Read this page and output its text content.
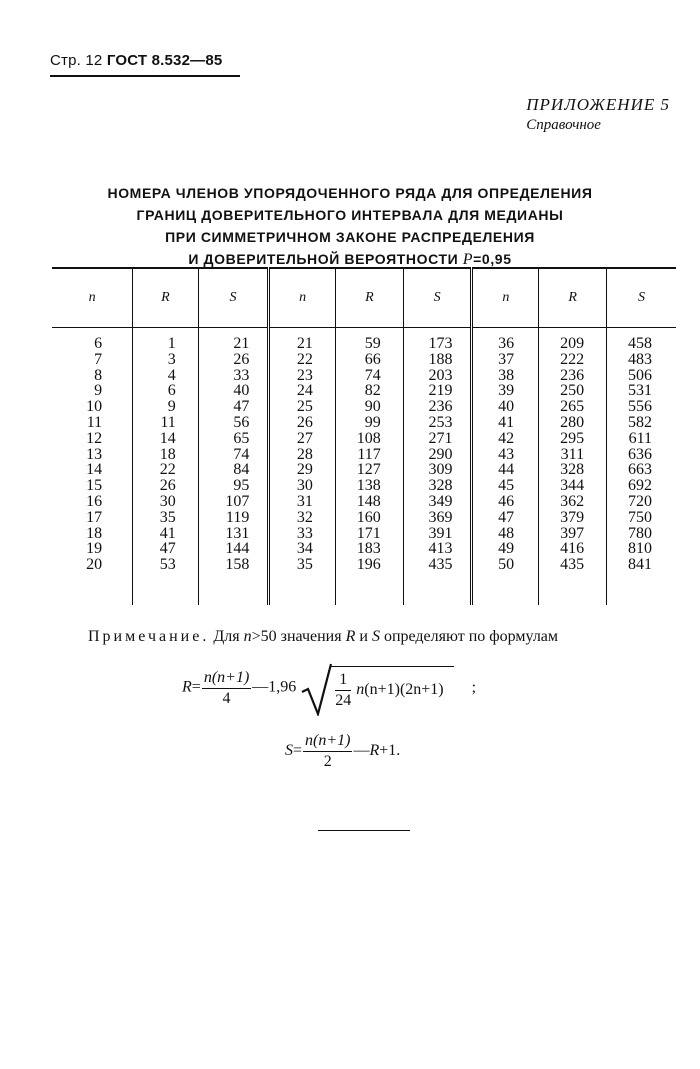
Стр. 12 ГОСТ 8.532—85
ПРИЛОЖЕНИЕ 5
Справочное
НОМЕРА ЧЛЕНОВ УПОРЯДОЧЕННОГО РЯДА ДЛЯ ОПРЕДЕЛЕНИЯ
ГРАНИЦ ДОВЕРИТЕЛЬНОГО ИНТЕРВАЛА ДЛЯ МЕДИАНЫ
ПРИ СИММЕТРИЧНОМ ЗАКОНЕ РАСПРЕДЕЛЕНИЯ
И ДОВЕРИТЕЛЬНОЙ ВЕРОЯТНОСТИ P=0,95
n	R	S	n	R	S	n	R	S

6	1	21	21	59	173	36	209	458
7	3	26	22	66	188	37	222	483
8	4	33	23	74	203	38	236	506
9	6	40	24	82	219	39	250	531
10	9	47	25	90	236	40	265	556
11	11	56	26	99	253	41	280	582
12	14	65	27	108	271	42	295	611
13	18	74	28	117	290	43	311	636
14	22	84	29	127	309	44	328	663
15	26	95	30	138	328	45	344	692
16	30	107	31	148	349	46	362	720
17	35	119	32	160	369	47	379	750
18	41	131	33	171	391	48	397	780
19	47	144	34	183	413	49	416	810
20	53	158	35	196	435	50	435	841

Примечание. Для n>50 значения R и S определяют по формулам
$R= \frac{n(n+1)}{4}$ —1,96 $\frac{1}{24} n(n+1)(2n+1)$ ;
$S= \frac{n(n+1)}{2}$ —R+1.
